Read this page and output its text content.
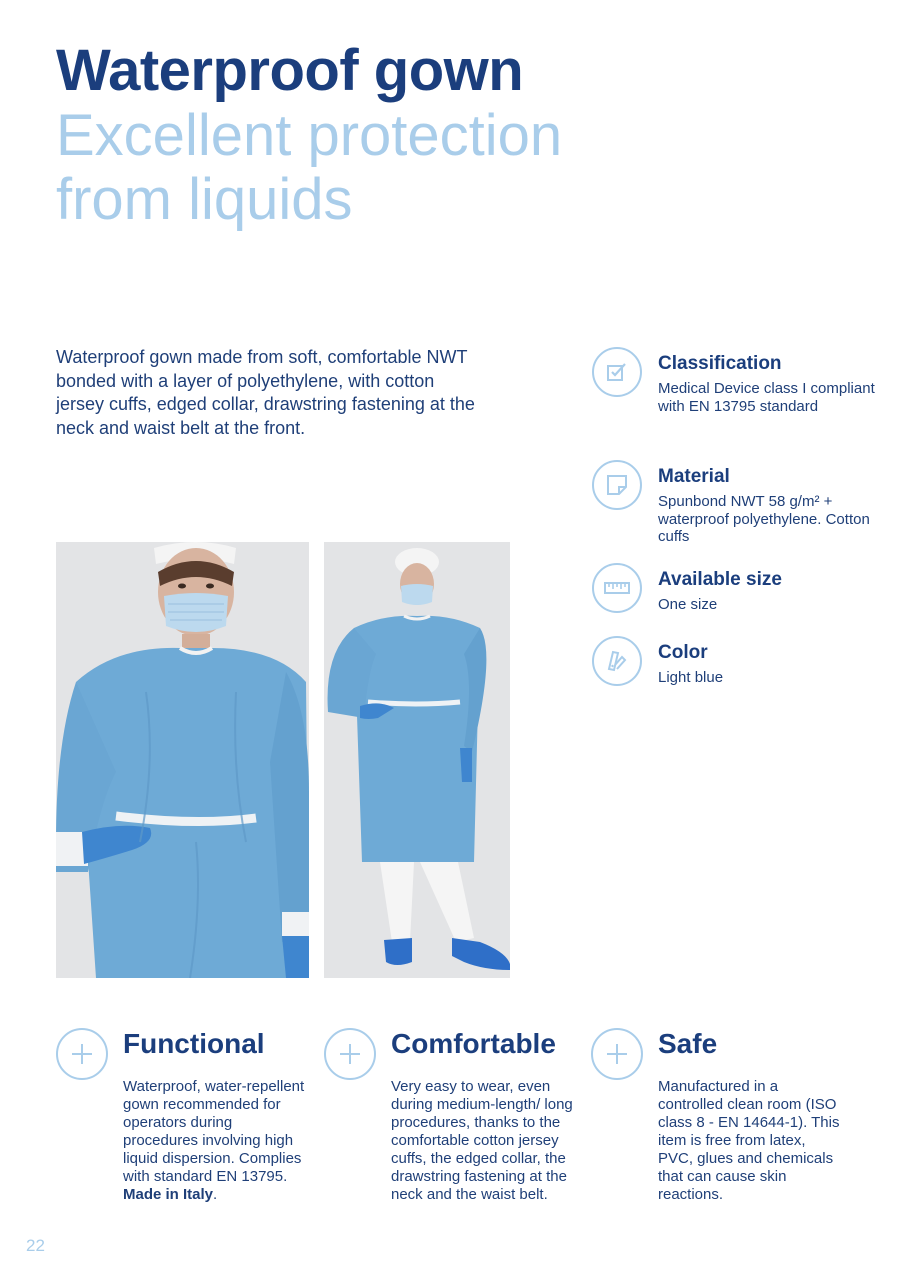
Waterproof gown
Excellent protection
from liquids

Waterproof gown made from soft, comfortable NWT bonded with a layer of polyethylene, with cotton jersey cuffs, edged collar, drawstring fastening at the neck and waist belt at the front.

Classification
Medical Device class I compliant with EN 13795 standard
Material
Spunbond NWT 58 g/m² + waterproof polyethylene. Cotton cuffs
Available size
One size
Color
Light blue
Functional
Waterproof, water-repellent gown recommended for operators during procedures involving high liquid dispersion. Complies with standard EN 13795. Made in Italy.
Comfortable
Very easy to wear, even during medium-length/ long procedures, thanks to the comfortable cotton jersey cuffs, the edged collar, the drawstring fastening at the neck and the waist belt.
Safe
Manufactured in a controlled clean room (ISO class 8 - EN 14644-1). This item is free from latex, PVC, glues and chemicals that can cause skin reactions.
22
